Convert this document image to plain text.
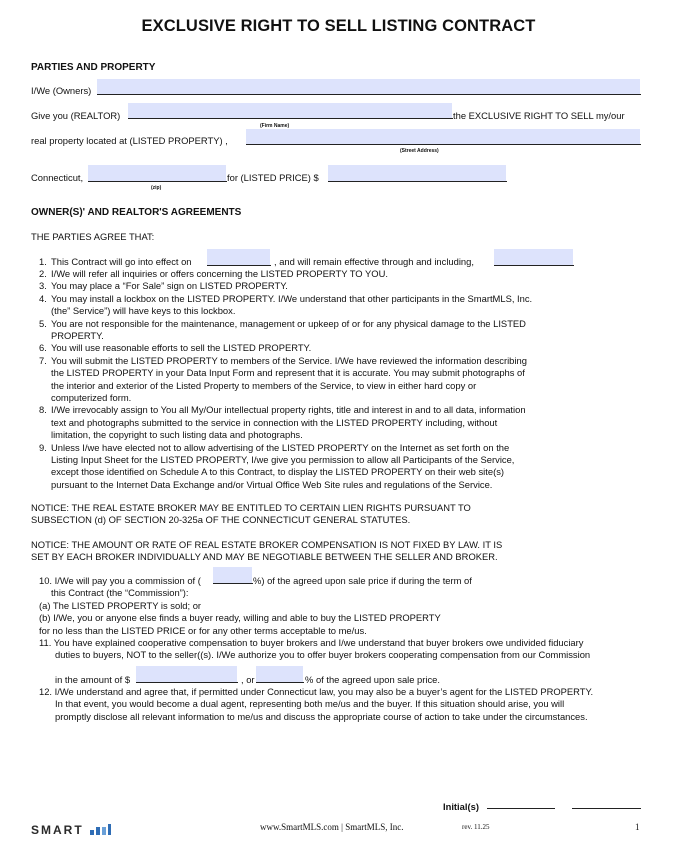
EXCLUSIVE RIGHT TO SELL LISTING CONTRACT
PARTIES AND PROPERTY
I/We (Owners)
Give you (REALTOR)	the EXCLUSIVE RIGHT TO SELL my/our
(Firm Name)
real property located at (LISTED PROPERTY) ,
(Street Address)
Connecticut,
(zip)
for (LISTED PRICE) $
OWNER(S)' AND REALTOR'S AGREEMENTS
THE PARTIES AGREE THAT:
1. This Contract will go into effect on	, and will remain effective through and including,
2. I/We will refer all inquiries or offers concerning the LISTED PROPERTY TO YOU.
3. You may place a “For Sale” sign on LISTED PROPERTY.
4. You may install a lockbox on the LISTED PROPERTY. I/We understand that other participants in the SmartMLS, Inc.
(the” Service”) will have keys to this lockbox.
5. You are not responsible for the maintenance, management or upkeep of or for any physical damage to the LISTED
PROPERTY.
6. You will use reasonable efforts to sell the LISTED PROPERTY.
7. You will submit the LISTED PROPERTY to members of the Service. I/We have reviewed the information describing
the LISTED PROPERTY in your Data Input Form and represent that it is accurate. You may submit photographs of
the interior and exterior of the Listed Property to members of the Service, to view in either hard copy or
computerized form.
8. I/We irrevocably assign to You all My/Our intellectual property rights, title and interest in and to all data, information
text and photographs submitted to the service in connection with the LISTED PROPERTY including, without
limitation, the copyright to such listing data and photographs.
9. Unless I/we have elected not to allow advertising of the LISTED PROPERTY on the Internet as set forth on the
Listing Input Sheet for the LISTED PROPERTY, I/we give you permission to allow all Participants of the Service,
except those identified on Schedule A to this Contract, to display the LISTED PROPERTY on their web site(s)
pursuant to the Internet Data Exchange and/or Virtual Office Web Site rules and regulations of the Service.
NOTICE: THE REAL ESTATE BROKER MAY BE ENTITLED TO CERTAIN LIEN RIGHTS PURSUANT TO
SUBSECTION (d) OF SECTION 20-325a OF THE CONNECTICUT GENERAL STATUTES.
NOTICE: THE AMOUNT OR RATE OF REAL ESTATE BROKER COMPENSATION IS NOT FIXED BY LAW. IT IS
SET BY EACH BROKER INDIVIDUALLY AND MAY BE NEGOTIABLE BETWEEN THE SELLER AND BROKER.
10. I/We will pay you a commission of (	%) of the agreed upon sale price if during the term of
this Contract (the “Commission”):
(a) The LISTED PROPERTY is sold; or
(b) I/We, you or anyone else finds a buyer ready, willing and able to buy the LISTED PROPERTY
for no less than the LISTED PRICE or for any other terms acceptable to me/us.
11. You have explained cooperative compensation to buyer brokers and I/we understand that buyer brokers owe undivided fiduciary
duties to buyers, NOT to the seller((s). I/We authorize you to offer buyer brokers cooperating compensation from our Commission
in the amount of $	, or	% of the agreed upon sale price.
12. I/We understand and agree that, if permitted under Connecticut law, you may also be a buyer’s agent for the LISTED PROPERTY.
In that event, you would become a dual agent, representing both me/us and the buyer. If this situation should arise, you will
promptly disclose all relevant information to me/us and discuss the appropriate course of action to take under the circumstances.
Initial(s)
SMART	www.SmartMLS.com | SmartMLS, Inc.	rev. 11.25	1
